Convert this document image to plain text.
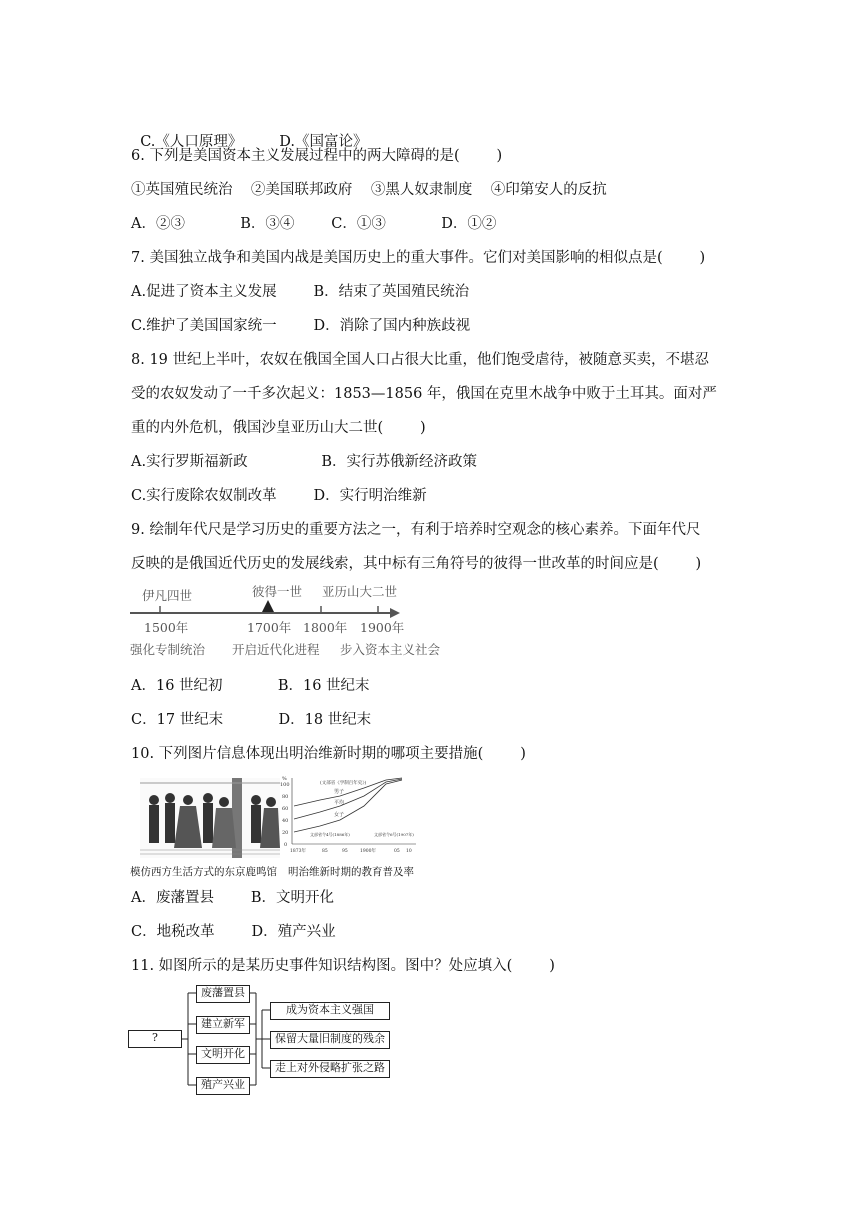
C.《人口原理》	D.《国富论》

6. 下列是美国资本主义发展过程中的两大障碍的是(        )
①英国殖民统治    ②美国联邦政府    ③黑人奴隶制度    ④印第安人的反抗
A．②③            B．③④        C．①③            D．①②
7. 美国独立战争和美国内战是美国历史上的重大事件。它们对美国影响的相似点是(        )
A.促进了资本主义发展        B．结束了英国殖民统治
C.维护了美国国家统一        D．消除了国内种族歧视
8. 19 世纪上半叶，农奴在俄国全国人口占很大比重，他们饱受虐待，被随意买卖，不堪忍
受的农奴发动了一千多次起义：1853—1856 年，俄国在克里木战争中败于土耳其。面对严
重的内外危机，俄国沙皇亚历山大二世(        )
A.实行罗斯福新政                B．实行苏俄新经济政策
C.实行废除农奴制改革        D．实行明治维新
9. 绘制年代尺是学习历史的重要方法之一，有利于培养时空观念的核心素养。下面年代尺
反映的是俄国近代历史的发展线索，其中标有三角符号的彼得一世改革的时间应是(        )
伊凡四世	彼得一世 亚历山大二世
1500年	1700年 1800年 1900年
强化专制统治 开启近代化进程 步入资本主义社会
A．16 世纪初            B．16 世纪末
C．17 世纪末            D．18 世纪末
10. 下列图片信息体现出明治维新时期的哪项主要措施(        )
模仿西方生活方式的东京鹿鸣馆
%
100
80
60
40
20
0
(文部省《学制百年史》)
男子
平均
女子
文部省令4号(1886年)	文部省令6号(1907年)
1873年	85	95	1900年	05 10
明治维新时期的教育普及率
A．废藩置县        B．文明开化
C．地税改革        D．殖产兴业
11. 如图所示的是某历史事件知识结构图。图中？处应填入(        )
?
废藩置县
建立新军
文明开化
殖产兴业
成为资本主义强国
保留大量旧制度的残余
走上对外侵略扩张之路
